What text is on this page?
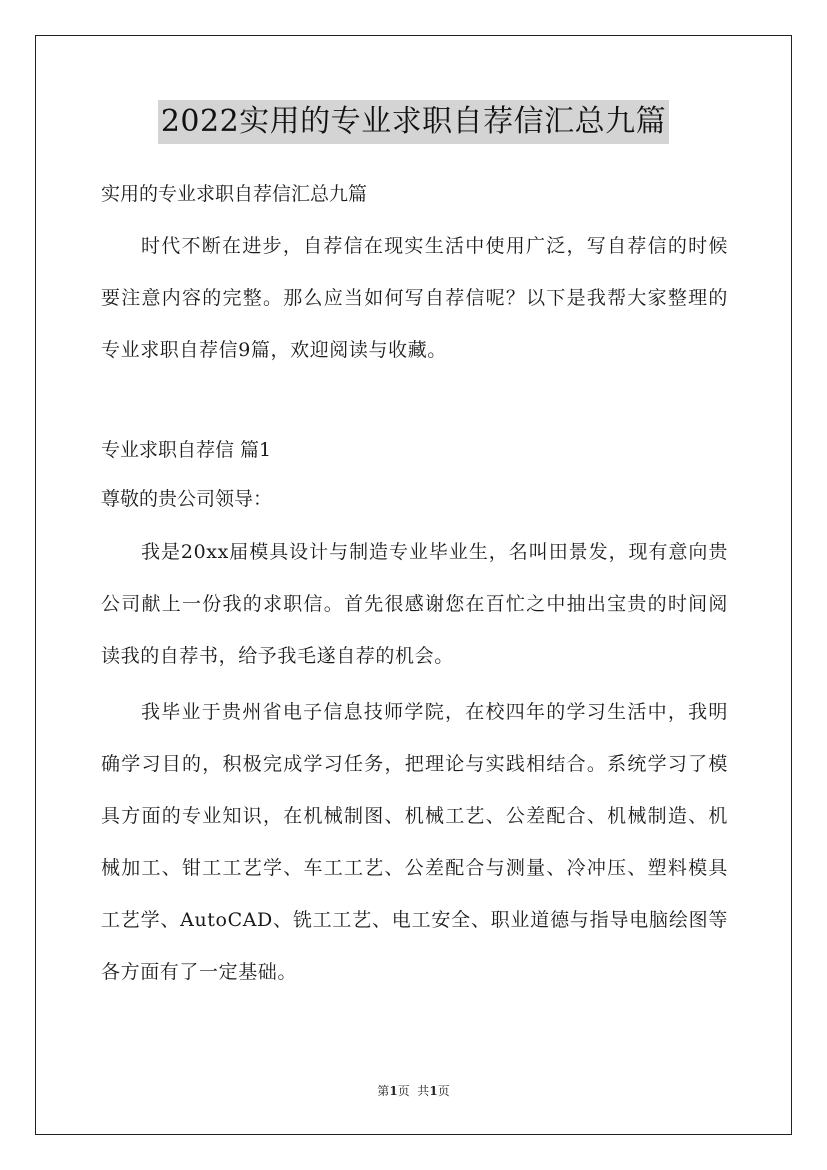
2022实用的专业求职自荐信汇总九篇
实用的专业求职自荐信汇总九篇

时代不断在进步，自荐信在现实生活中使用广泛，写自荐信的时候要注意内容的完整。那么应当如何写自荐信呢？以下是我帮大家整理的专业求职自荐信9篇，欢迎阅读与收藏。

专业求职自荐信 篇1
尊敬的贵公司领导：

我是20xx届模具设计与制造专业毕业生，名叫田景发，现有意向贵公司献上一份我的求职信。首先很感谢您在百忙之中抽出宝贵的时间阅读我的自荐书，给予我毛遂自荐的机会。

我毕业于贵州省电子信息技师学院，在校四年的学习生活中，我明确学习目的，积极完成学习任务，把理论与实践相结合。系统学习了模具方面的专业知识，在机械制图、机械工艺、公差配合、机械制造、机械加工、钳工工艺学、车工工艺、公差配合与测量、冷冲压、塑料模具工艺学、AutoCAD、铣工工艺、电工安全、职业道德与指导电脑绘图等各方面有了一定基础。

第1页  共1页
